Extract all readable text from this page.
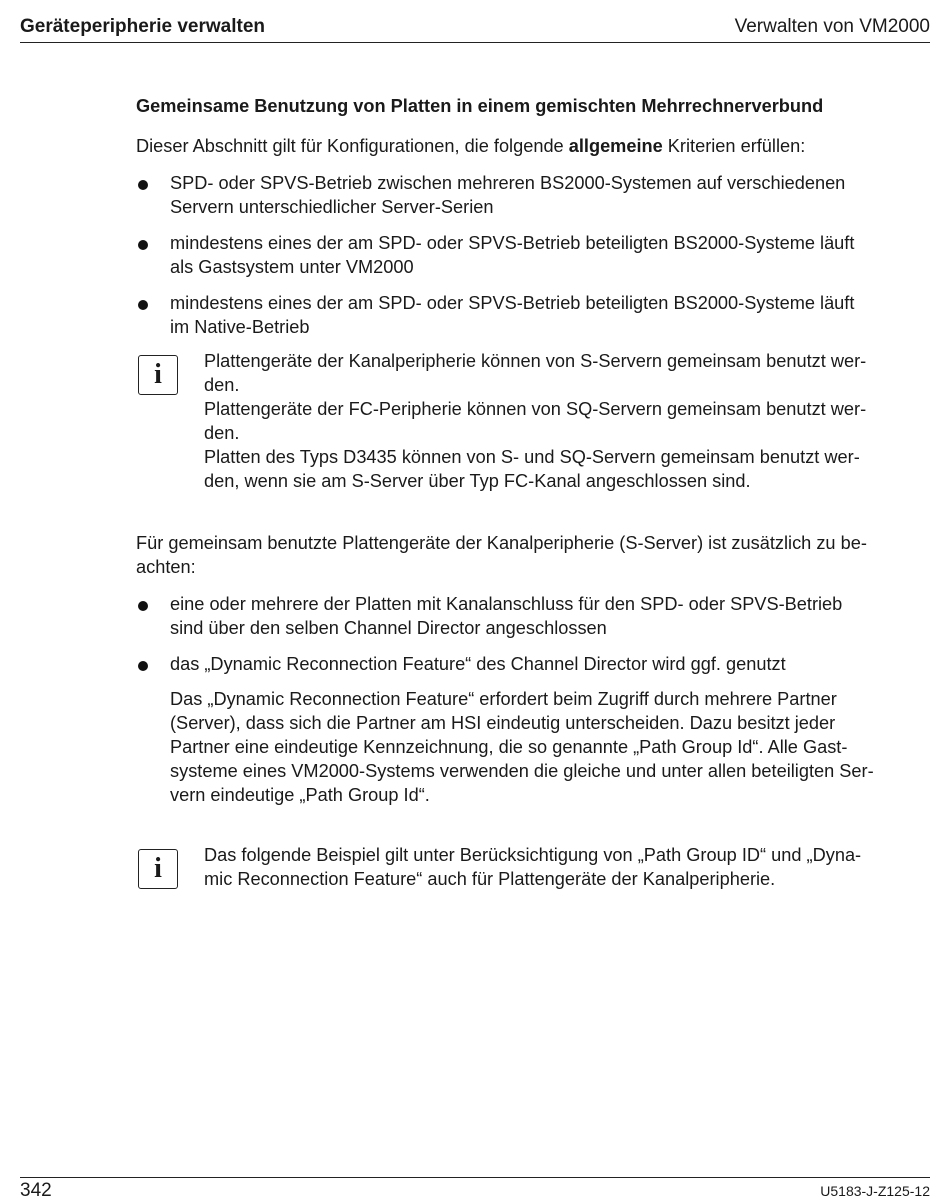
Geräteperipherie verwalten	Verwalten von VM2000
Gemeinsame Benutzung von Platten in einem gemischten Mehrrechnerverbund
Dieser Abschnitt gilt für Konfigurationen, die folgende allgemeine Kriterien erfüllen:
SPD- oder SPVS-Betrieb zwischen mehreren BS2000-Systemen auf verschiedenen
Servern unterschiedlicher Server-Serien
mindestens eines der am SPD- oder SPVS-Betrieb beteiligten BS2000-Systeme läuft
als Gastsystem unter VM2000
mindestens eines der am SPD- oder SPVS-Betrieb beteiligten BS2000-Systeme läuft
im Native-Betrieb
i	Plattengeräte der Kanalperipherie können von S-Servern gemeinsam benutzt wer-
den.
Plattengeräte der FC-Peripherie können von SQ-Servern gemeinsam benutzt wer-
den.
Platten des Typs D3435 können von S- und SQ-Servern gemeinsam benutzt wer-
den, wenn sie am S-Server über Typ FC-Kanal angeschlossen sind.
Für gemeinsam benutzte Plattengeräte der Kanalperipherie (S-Server) ist zusätzlich zu be-
achten:
eine oder mehrere der Platten mit Kanalanschluss für den SPD- oder SPVS-Betrieb
sind über den selben Channel Director angeschlossen
das „Dynamic Reconnection Feature“ des Channel Director wird ggf. genutzt
Das „Dynamic Reconnection Feature“ erfordert beim Zugriff durch mehrere Partner
(Server), dass sich die Partner am HSI eindeutig unterscheiden. Dazu besitzt jeder
Partner eine eindeutige Kennzeichnung, die so genannte „Path Group Id“. Alle Gast-
systeme eines VM2000-Systems verwenden die gleiche und unter allen beteiligten Ser-
vern eindeutige „Path Group Id“.
i	Das folgende Beispiel gilt unter Berücksichtigung von „Path Group ID“ und „Dyna-
mic Reconnection Feature“ auch für Plattengeräte der Kanalperipherie.
342	U5183-J-Z125-12
